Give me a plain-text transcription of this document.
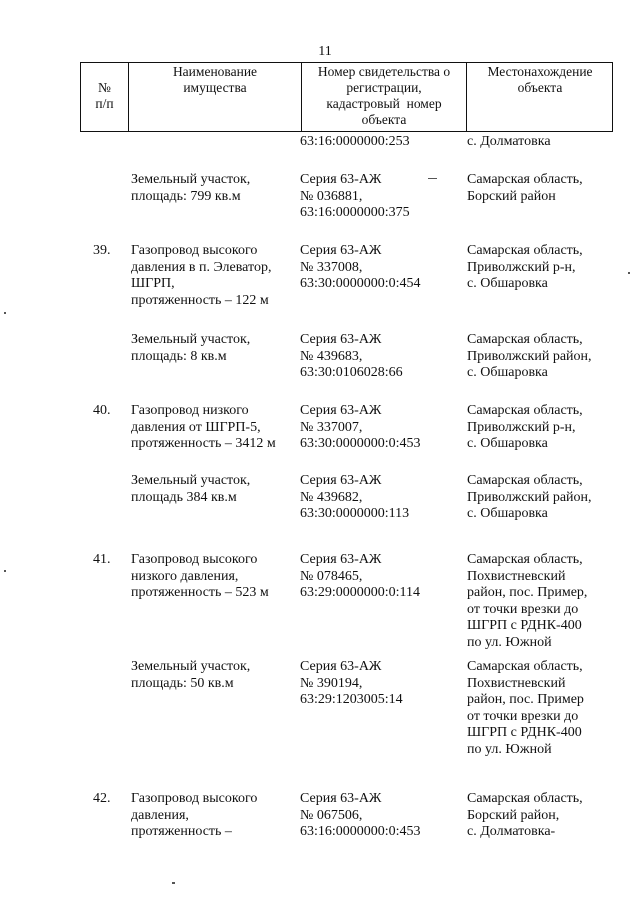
11
№
п/п
Наименование
имущества
Номер свидетельства о
регистрации,
кадастровый  номер
объекта
Местонахождение
объекта
63:16:0000000:253	с. Долматовка
Земельный участок,
площадь: 799 кв.м
Серия 63-АЖ
№ 036881,
63:16:0000000:375
Самарская область,
Борский район
39. Газопровод высокого
давления в п. Элеватор,
ШГРП,
протяженность – 122 м
Серия 63-АЖ
№ 337008,
63:30:0000000:0:454
Самарская область,
Приволжский р-н,
с. Обшаровка
Земельный участок,
площадь: 8 кв.м
Серия 63-АЖ
№ 439683,
63:30:0106028:66
Самарская область,
Приволжский район,
с. Обшаровка
40. Газопровод низкого
давления от ШГРП-5,
протяженность – 3412 м
Серия 63-АЖ
№ 337007,
63:30:0000000:0:453
Самарская область,
Приволжский р-н,
с. Обшаровка
Земельный участок,
площадь 384 кв.м
Серия 63-АЖ
№ 439682,
63:30:0000000:113
Самарская область,
Приволжский район,
с. Обшаровка
41. Газопровод высокого
низкого давления,
протяженность – 523 м
Серия 63-АЖ
№ 078465,
63:29:0000000:0:114
Самарская область,
Похвистневский
район, пос. Пример,
от точки врезки до
ШГРП с РДНК-400
по ул. Южной
Земельный участок,
площадь: 50 кв.м
Серия 63-АЖ
№ 390194,
63:29:1203005:14
Самарская область,
Похвистневский
район, пос. Пример
от точки врезки до
ШГРП с РДНК-400
по ул. Южной
42. Газопровод высокого
давления,
протяженность –
Серия 63-АЖ
№ 067506,
63:16:0000000:0:453
Самарская область,
Борский район,
с. Долматовка-
